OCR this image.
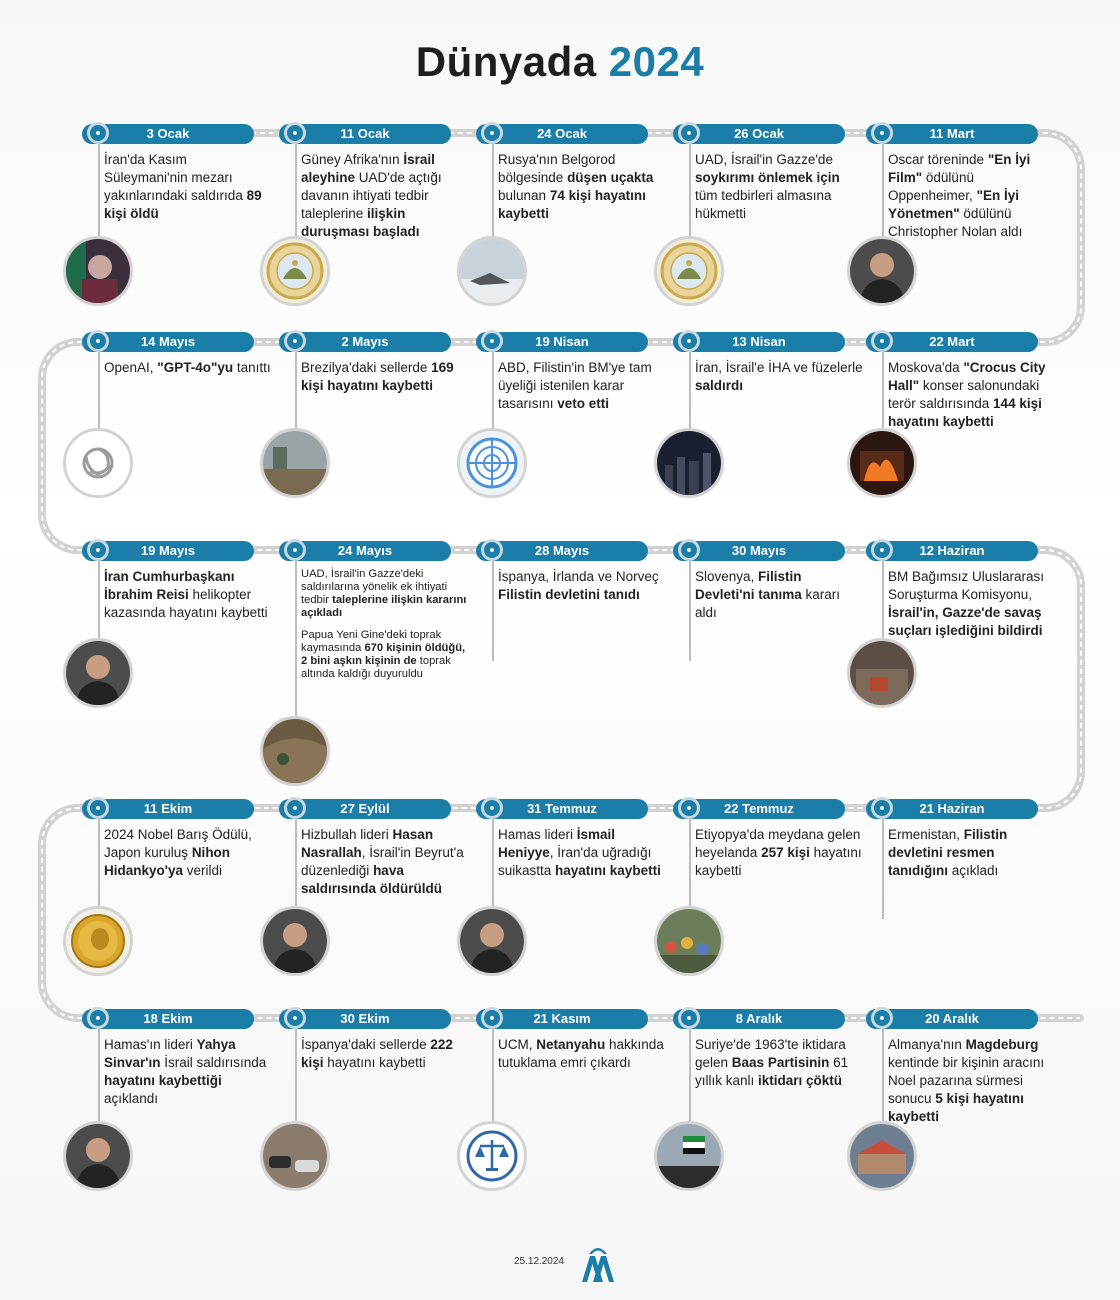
Dünyada 2024
3 Ocak
İran'da Kasım Süleymani'nin mezarı yakınlarındaki saldırıda 89 kişi öldü
11 Ocak
Güney Afrika'nın İsrail aleyhine UAD'de açtığı davanın ihtiyati tedbir taleplerine ilişkin duruşması başladı
24 Ocak
Rusya'nın Belgorod bölgesinde düşen uçakta bulunan 74 kişi hayatını kaybetti
26 Ocak
UAD, İsrail'in Gazze'de soykırımı önlemek için tüm tedbirleri almasına hükmetti
11 Mart
Oscar töreninde "En İyi Film" ödülünü Oppenheimer, "En İyi Yönetmen" ödülünü Christopher Nolan aldı
14 Mayıs
OpenAI, "GPT-4o"yu tanıttı
2 Mayıs
Brezilya'daki sellerde 169 kişi hayatını kaybetti
19 Nisan
ABD, Filistin'in BM'ye tam üyeliği istenilen karar tasarısını veto etti
13 Nisan
İran, İsrail'e İHA ve füzelerle saldırdı
22 Mart
Moskova'da "Crocus City Hall" konser salonundaki terör saldırısında 144 kişi hayatını kaybetti
19 Mayıs
İran Cumhurbaşkanı İbrahim Reisi helikopter kazasında hayatını kaybetti
24 Mayıs
UAD, İsrail'in Gazze'deki saldırılarına yönelik ek ihtiyati tedbir taleplerine ilişkin kararını açıkladı
Papua Yeni Gine'deki toprak kaymasında 670 kişinin öldüğü, 2 bini aşkın kişinin de toprak altında kaldığı duyuruldu
28 Mayıs
İspanya, İrlanda ve Norveç Filistin devletini tanıdı
30 Mayıs
Slovenya, Filistin Devleti'ni tanıma kararı aldı
12 Haziran
BM Bağımsız Uluslararası Soruşturma Komisyonu, İsrail'in, Gazze'de savaş suçları işlediğini bildirdi
11 Ekim
2024 Nobel Barış Ödülü, Japon kuruluş Nihon Hidankyo'ya verildi
27 Eylül
Hizbullah lideri Hasan Nasrallah, İsrail'in Beyrut'a düzenlediği hava saldırısında öldürüldü
31 Temmuz
Hamas lideri İsmail Heniyye, İran'da uğradığı suikastta hayatını kaybetti
22 Temmuz
Etiyopya'da meydana gelen heyelanda 257 kişi hayatını kaybetti
21 Haziran
Ermenistan, Filistin devletini resmen tanıdığını açıkladı
18 Ekim
Hamas'ın lideri Yahya Sinvar'ın İsrail saldırısında hayatını kaybettiği açıklandı
30 Ekim
İspanya'daki sellerde 222 kişi hayatını kaybetti
21 Kasım
UCM, Netanyahu hakkında tutuklama emri çıkardı
8 Aralık
Suriye'de 1963'te iktidara gelen Baas Partisinin 61 yıllık kanlı iktidarı çöktü
20 Aralık
Almanya'nın Magdeburg kentinde bir kişinin aracını Noel pazarına sürmesi sonucu 5 kişi hayatını kaybetti
25.12.2024
